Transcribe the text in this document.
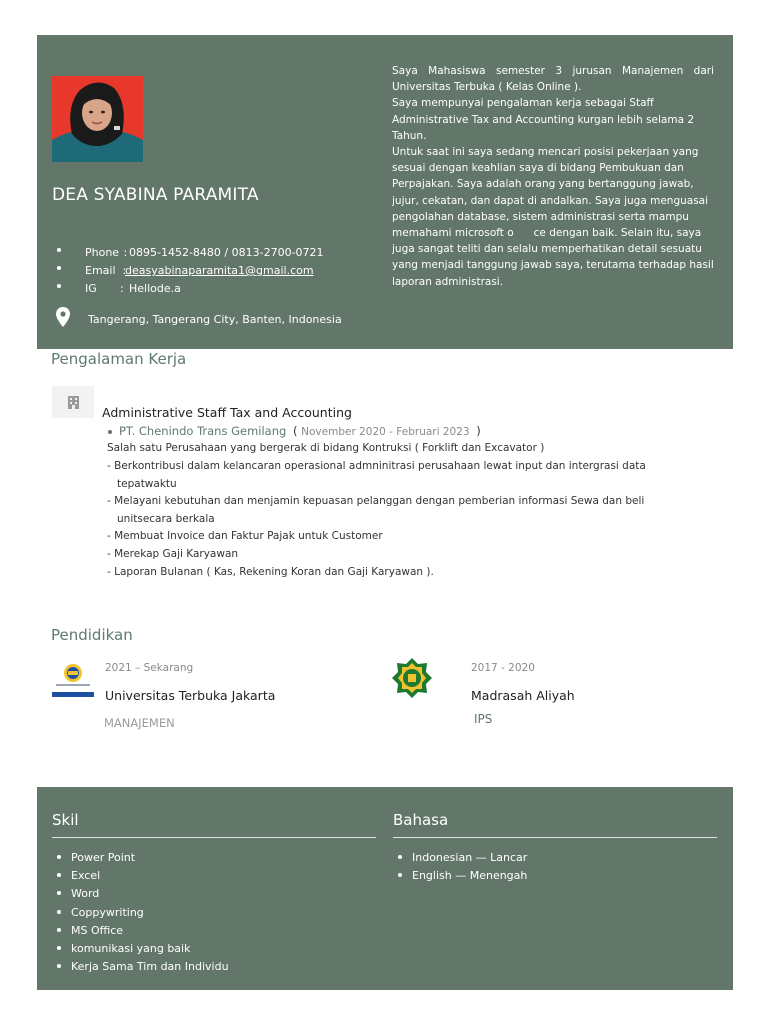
DEA SYABINA PARAMITA
Phone :
0895-1452-8480 / 0813-2700-0721
Email :
deasyabinaparamita1@gmail.com
IG : Hellode.a
Tangerang, Tangerang City, Banten, Indonesia

Saya Mahasiswa semester 3 jurusan Manajemen dari

Universitas Terbuka ( Kelas Online ).

Saya mempunyai pengalaman kerja sebagai Staff

Administrative Tax and Accounting kurgan lebih selama 2

Tahun.

Untuk saat ini saya sedang mencari posisi pekerjaan yang

sesuai dengan keahlian saya di bidang Pembukuan dan

Perpajakan. Saya adalah orang yang bertanggung jawab,

jujur, cekatan, dan dapat di andalkan. Saya juga menguasai

pengolahan database, sistem administrasi serta mampu

memahami microsoft o      ce dengan baik. Selain itu, saya

juga sangat teliti dan selalu memperhatikan detail sesuatu

yang menjadi tanggung jawab saya, terutama terhadap hasil

laporan administrasi.

Pengalaman Kerja
Administrative Staff Tax and Accounting
PT. Chenindo Trans Gemilang ( November 2020 - Februari 2023 )
Salah satu Perusahaan yang bergerak di bidang Kontruksi ( Forklift dan Excavator )
- Berkontribusi dalam kelancaran operasional admninitrasi perusahaan lewat input dan intergrasi data
tepatwaktu
- Melayani kebutuhan dan menjamin kepuasan pelanggan dengan pemberian informasi Sewa dan beli
unitsecara berkala
- Membuat Invoice dan Faktur Pajak untuk Customer
- Merekap Gaji Karyawan
- Laporan Bulanan ( Kas, Rekening Koran dan Gaji Karyawan ).
Pendidikan
2021 – Sekarang
Universitas Terbuka Jakarta
MANAJEMEN
2017 - 2020
Madrasah Aliyah
IPS
Skil
Power Point
Excel
Word
Coppywriting
MS Office
komunikasi yang baik
Kerja Sama Tim dan Individu
Bahasa
Indonesian — Lancar
English — Menengah
